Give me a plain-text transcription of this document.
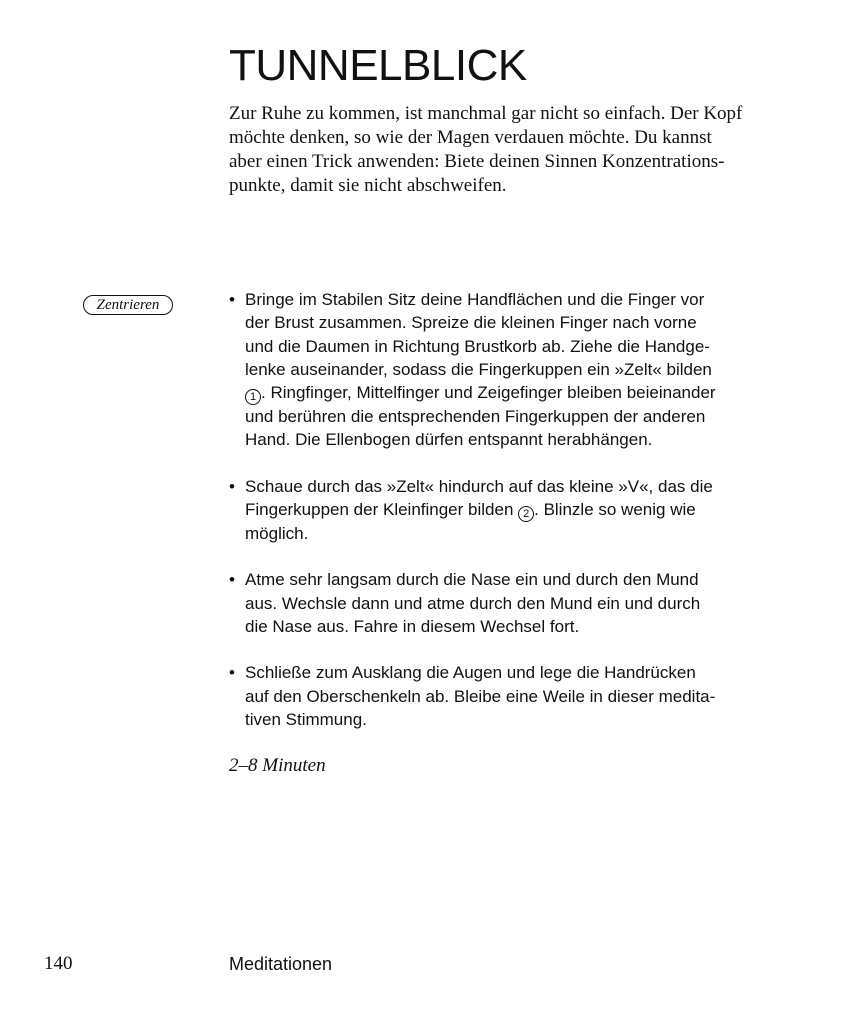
TUNNELBLICK

Zur Ruhe zu kommen, ist manchmal gar nicht so einfach. Der Kopf
möchte denken, so wie der Magen verdauen möchte. Du kannst
aber einen Trick anwenden: Biete deinen Sinnen Konzentrations-
punkte, damit sie nicht abschweifen.

Zentrieren	• Bringe im Stabilen Sitz deine Handflächen und die Finger vor
der Brust zusammen. Spreize die kleinen Finger nach vorne
und die Daumen in Richtung Brustkorb ab. Ziehe die Handge-
lenke auseinander, sodass die Fingerkuppen ein »Zelt« bilden
1 . Ringfinger, Mittelfinger und Zeigefinger bleiben beieinander
und berühren die entsprechenden Fingerkuppen der anderen
Hand. Die Ellenbogen dürfen entspannt herabhängen.
• Schaue durch das »Zelt« hindurch auf das kleine »V«, das die
Fingerkuppen der Kleinfinger bilden 2 . Blinzle so wenig wie
möglich.
• Atme sehr langsam durch die Nase ein und durch den Mund
aus. Wechsle dann und atme durch den Mund ein und durch
die Nase aus. Fahre in diesem Wechsel fort.
• Schließe zum Ausklang die Augen und lege die Handrücken
auf den Oberschenkeln ab. Bleibe eine Weile in dieser medita-
tiven Stimmung.

2–8 Minuten

140	Meditationen
